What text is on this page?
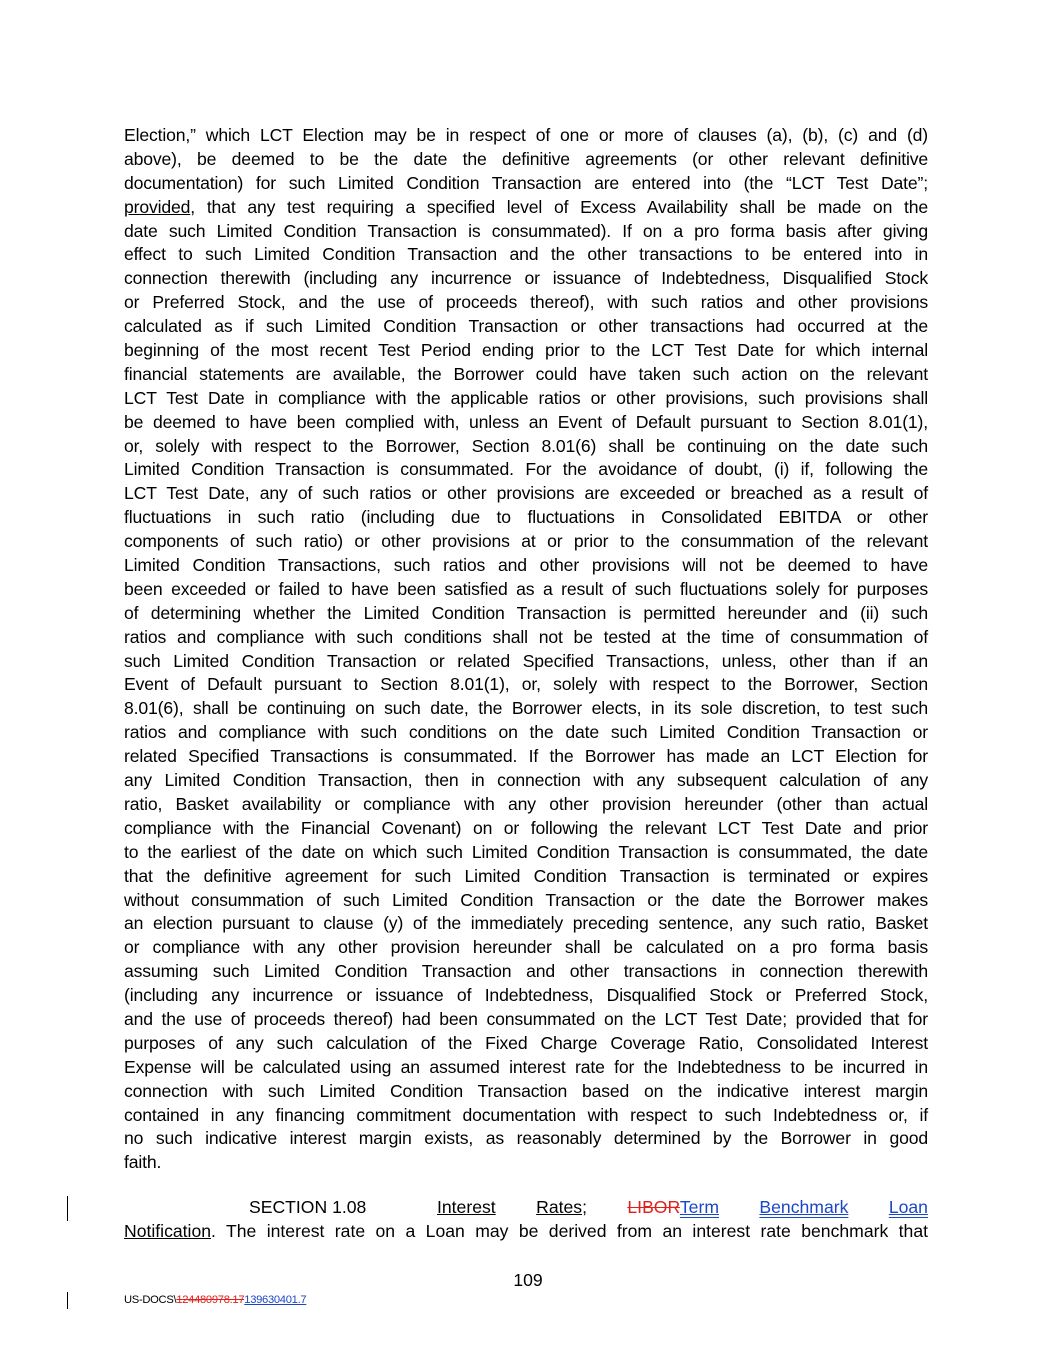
Election,” which LCT Election may be in respect of one or more of clauses (a), (b), (c) and (d)
above), be deemed to be the date the definitive agreements (or other relevant definitive
documentation) for such Limited Condition Transaction are entered into (the “LCT Test Date”;
provided, that any test requiring a specified level of Excess Availability shall be made on the
date such Limited Condition Transaction is consummated). If on a pro forma basis after giving
effect to such Limited Condition Transaction and the other transactions to be entered into in
connection therewith (including any incurrence or issuance of Indebtedness, Disqualified Stock
or Preferred Stock, and the use of proceeds thereof), with such ratios and other provisions
calculated as if such Limited Condition Transaction or other transactions had occurred at the
beginning of the most recent Test Period ending prior to the LCT Test Date for which internal
financial statements are available, the Borrower could have taken such action on the relevant
LCT Test Date in compliance with the applicable ratios or other provisions, such provisions shall
be deemed to have been complied with, unless an Event of Default pursuant to Section 8.01(1),
or, solely with respect to the Borrower, Section 8.01(6) shall be continuing on the date such
Limited Condition Transaction is consummated. For the avoidance of doubt, (i) if, following the
LCT Test Date, any of such ratios or other provisions are exceeded or breached as a result of
fluctuations in such ratio (including due to fluctuations in Consolidated EBITDA or other
components of such ratio) or other provisions at or prior to the consummation of the relevant
Limited Condition Transactions, such ratios and other provisions will not be deemed to have
been exceeded or failed to have been satisfied as a result of such fluctuations solely for purposes
of determining whether the Limited Condition Transaction is permitted hereunder and (ii) such
ratios and compliance with such conditions shall not be tested at the time of consummation of
such Limited Condition Transaction or related Specified Transactions, unless, other than if an
Event of Default pursuant to Section 8.01(1), or, solely with respect to the Borrower, Section
8.01(6), shall be continuing on such date, the Borrower elects, in its sole discretion, to test such
ratios and compliance with such conditions on the date such Limited Condition Transaction or
related Specified Transactions is consummated. If the Borrower has made an LCT Election for
any Limited Condition Transaction, then in connection with any subsequent calculation of any
ratio, Basket availability or compliance with any other provision hereunder (other than actual
compliance with the Financial Covenant) on or following the relevant LCT Test Date and prior
to the earliest of the date on which such Limited Condition Transaction is consummated, the date
that the definitive agreement for such Limited Condition Transaction is terminated or expires
without consummation of such Limited Condition Transaction or the date the Borrower makes
an election pursuant to clause (y) of the immediately preceding sentence, any such ratio, Basket
or compliance with any other provision hereunder shall be calculated on a pro forma basis
assuming such Limited Condition Transaction and other transactions in connection therewith
(including any incurrence or issuance of Indebtedness, Disqualified Stock or Preferred Stock,
and the use of proceeds thereof) had been consummated on the LCT Test Date; provided that for
purposes of any such calculation of the Fixed Charge Coverage Ratio, Consolidated Interest
Expense will be calculated using an assumed interest rate for the Indebtedness to be incurred in
connection with such Limited Condition Transaction based on the indicative interest margin
contained in any financing commitment documentation with respect to such Indebtedness or, if
no such indicative interest margin exists, as reasonably determined by the Borrower in good
faith.
SECTION 1.08	Interest Rates; LIBORTerm Benchmark Loan
Notification. The interest rate on a Loan may be derived from an interest rate benchmark that
109
US-DOCS\124480978.17139630401.7
